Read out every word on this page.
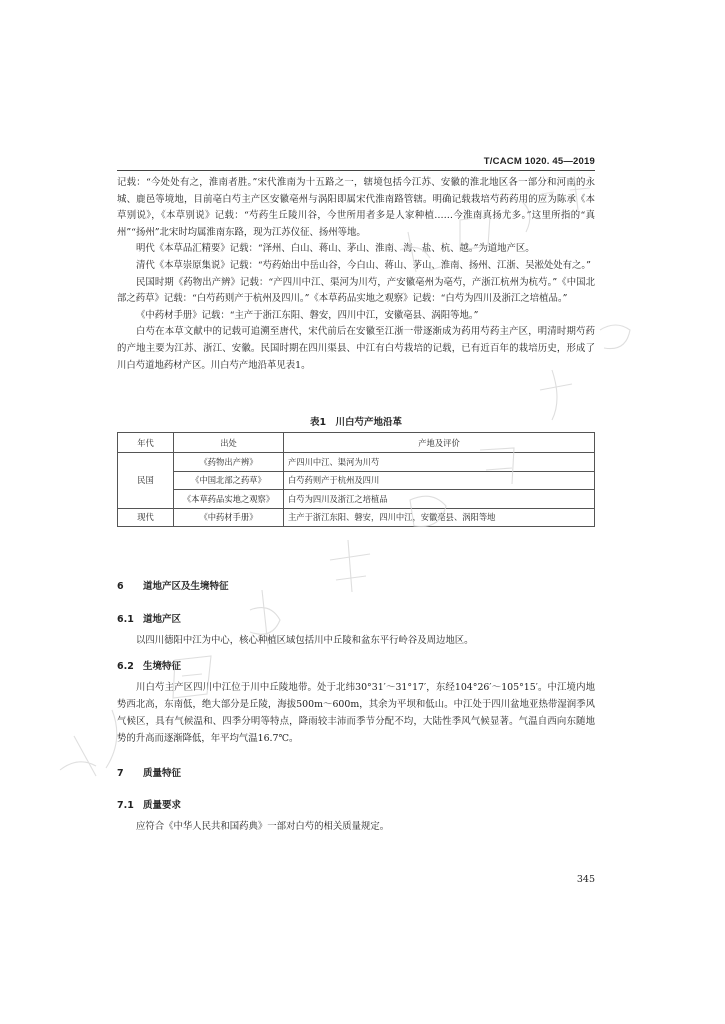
T/CACM 1020. 45—2019

记载：“今处处有之，淮南者胜。”宋代淮南为十五路之一，辖境包括今江苏、安徽的淮北地区各一部分和河南的永城、鹿邑等境地，目前亳白芍主产区安徽亳州与涡阳即属宋代淮南路管辖。明确记载栽培芍药药用的应为陈承《本草别说》，《本草别说》记载：“芍药生丘陵川谷，今世所用者多是人家种植……今淮南真扬尤多。”这里所指的“真州”“扬州”北宋时均属淮南东路，现为江苏仪征、扬州等地。

明代《本草品汇精要》记载：“泽州、白山、蒋山、茅山、淮南、海、盐、杭、越。”为道地产区。

清代《本草崇原集说》记载：“芍药始出中岳山谷，今白山、蒋山、茅山、淮南、扬州、江浙、吴淞处处有之。”

民国时期《药物出产辨》记载：“产四川中江、渠河为川芍，产安徽亳州为亳芍，产浙江杭州为杭芍。”《中国北部之药草》记载：“白芍药则产于杭州及四川。”《本草药品实地之观察》记载：“白芍为四川及浙江之培植品。”

《中药材手册》记载：“主产于浙江东阳、磐安，四川中江，安徽亳县、涡阳等地。”

白芍在本草文献中的记载可追溯至唐代，宋代前后在安徽至江浙一带逐渐成为药用芍药主产区，明清时期芍药的产地主要为江苏、浙江、安徽。民国时期在四川渠县、中江有白芍栽培的记载，已有近百年的栽培历史，形成了川白芍道地药材产区。川白芍产地沿革见表1。

表1　川白芍产地沿革
年代	出处	产地及评价
民国	《药物出产辨》	产四川中江、渠河为川芍
	《中国北部之药草》	白芍药则产于杭州及四川
	《本草药品实地之观察》	白芍为四川及浙江之培植品
现代	《中药材手册》	主产于浙江东阳、磐安，四川中江，安徽亳县、涡阳等地
6 道地产区及生境特征
6.1 道地产区
以四川德阳中江为中心，核心种植区域包括川中丘陵和盆东平行岭谷及周边地区。
6.2 生境特征
川白芍主产区四川中江位于川中丘陵地带。处于北纬30°31′～31°17′，东经104°26′～105°15′。中江境内地势西北高，东南低，绝大部分是丘陵，海拔500m～600m，其余为平坝和低山。中江处于四川盆地亚热带湿润季风气候区，具有气候温和、四季分明等特点，降雨较丰沛而季节分配不均，大陆性季风气候显著。气温自西向东随地势的升高而逐渐降低，年平均气温16.7℃。
7 质量特征
7.1 质量要求
应符合《中华人民共和国药典》一部对白芍的相关质量规定。
345
